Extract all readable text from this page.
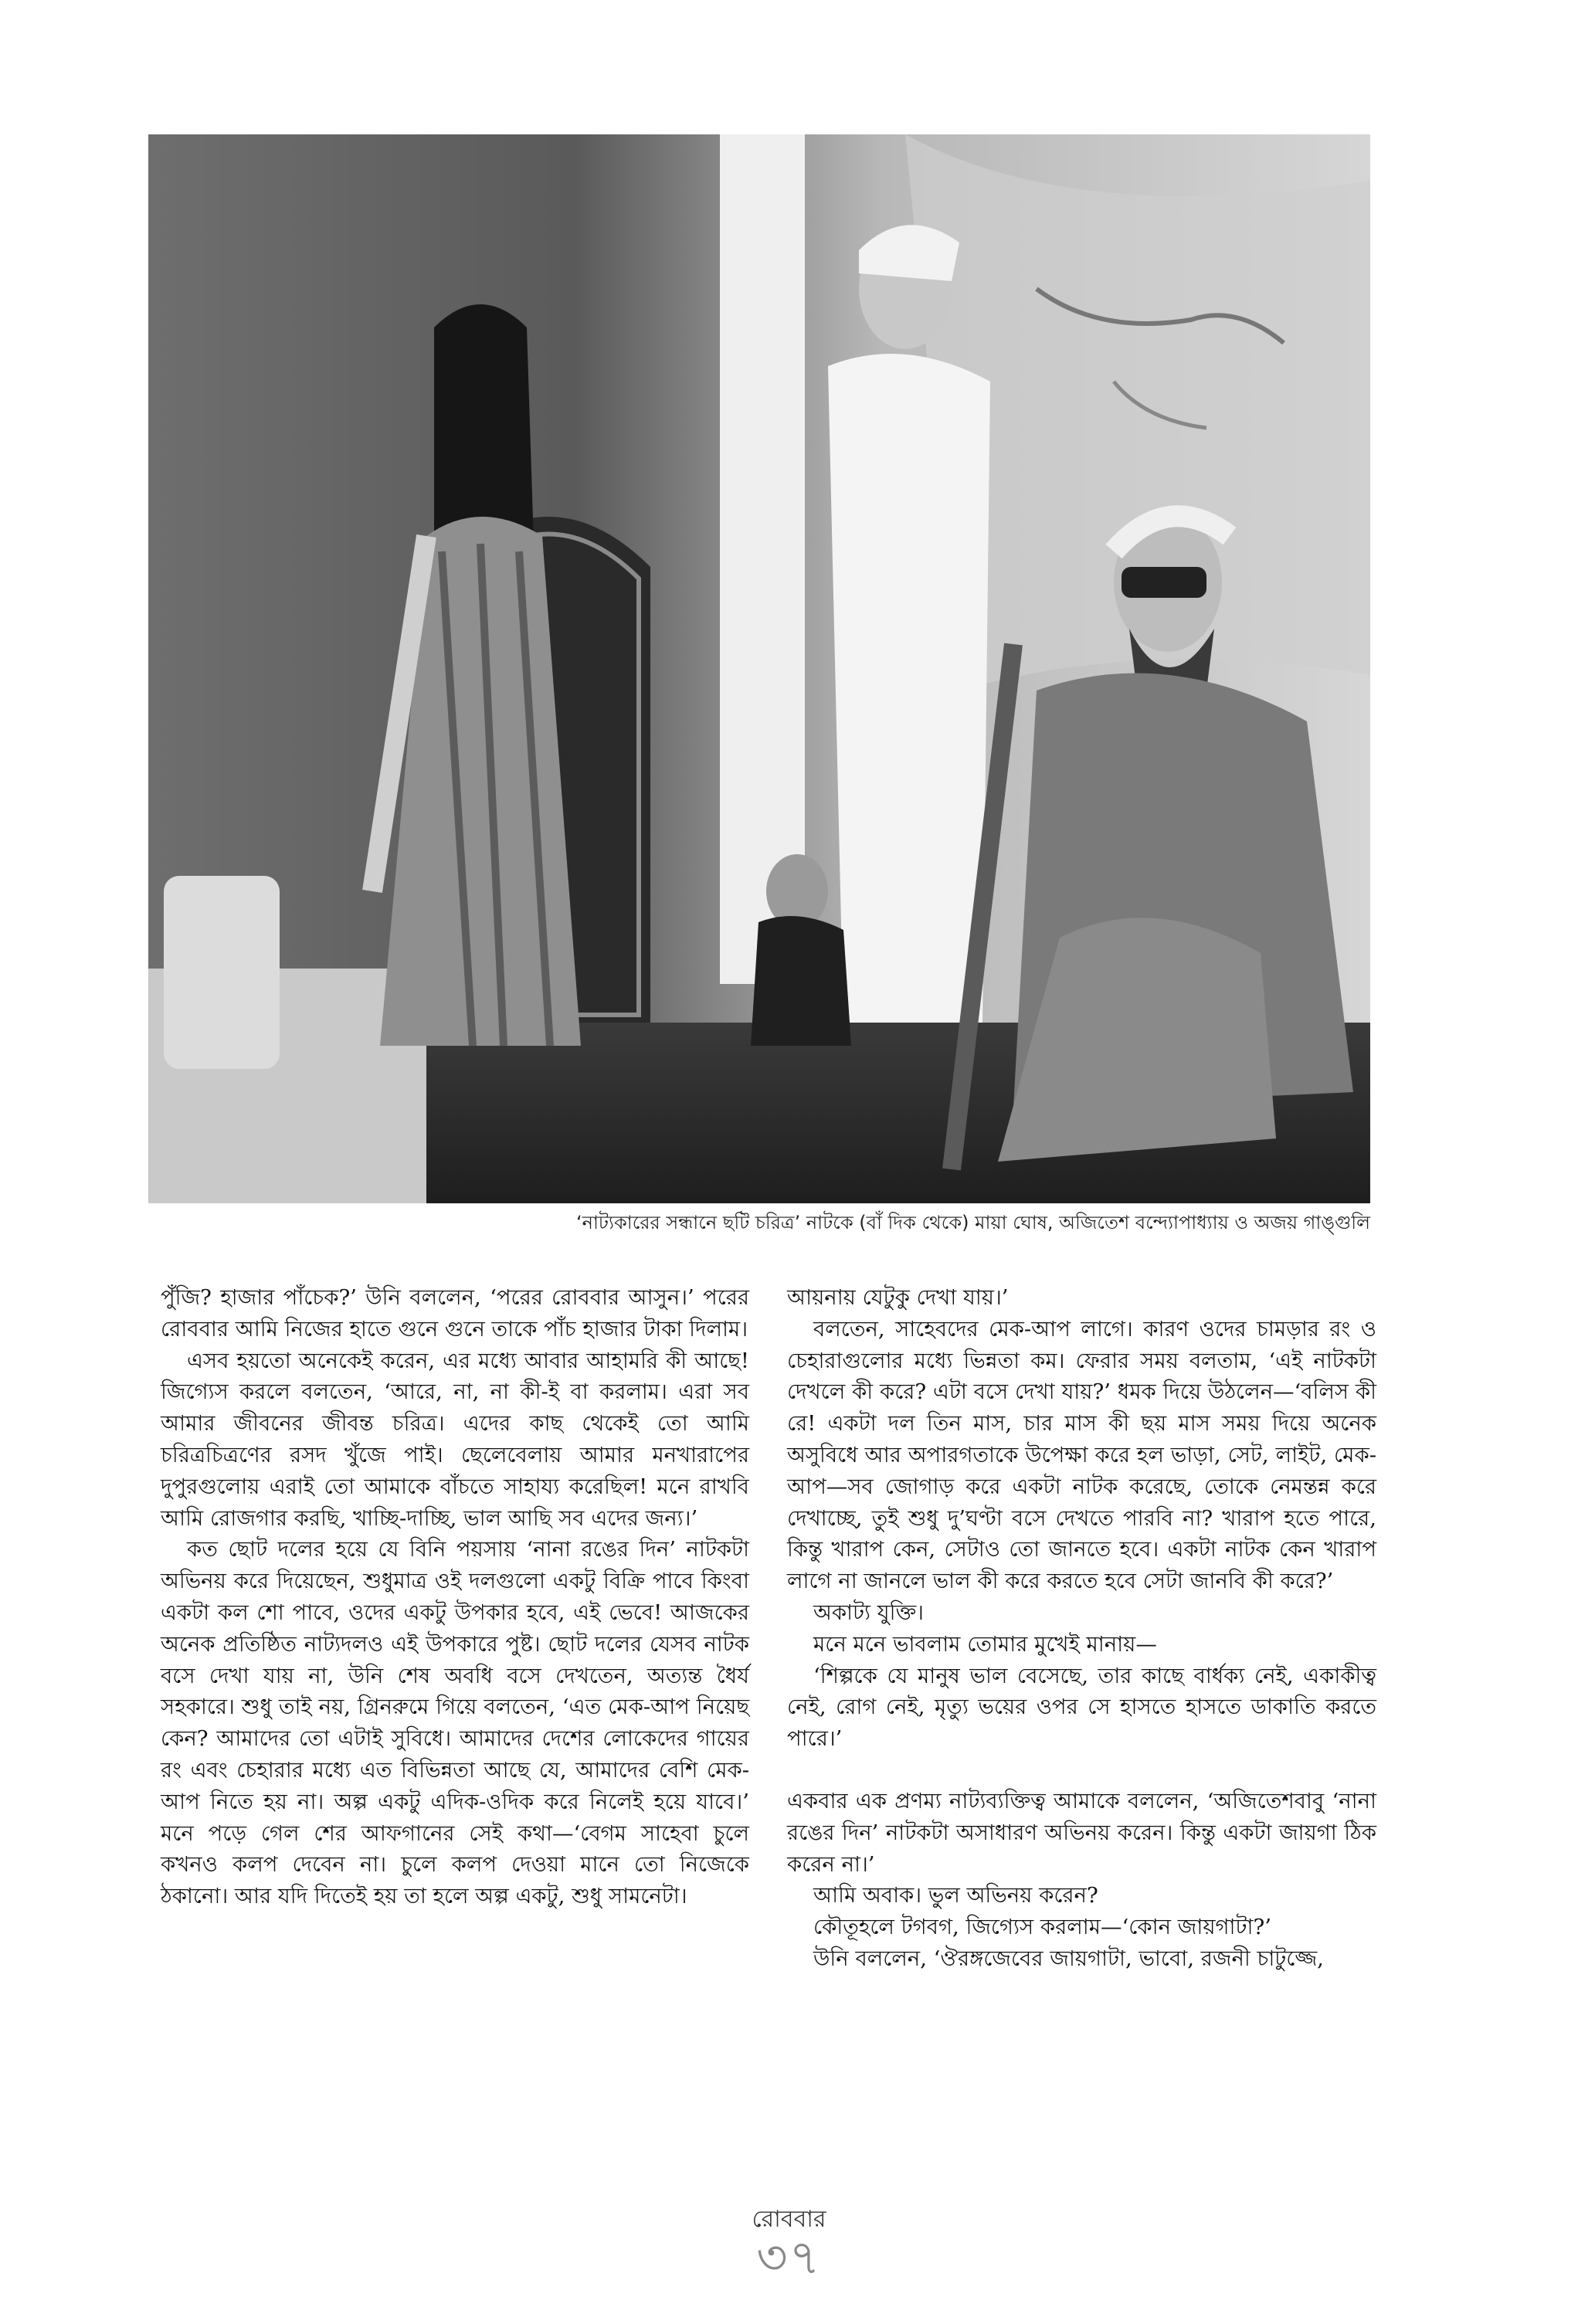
‘নাট্যকারের সন্ধানে ছটি চরিত্র’ নাটকে (বাঁ দিক থেকে) মায়া ঘোষ, অজিতেশ বন্দ্যোপাধ্যায় ও অজয় গাঙ্গুলি

পুঁজি? হাজার পাঁচেক?’ উনি বললেন, ‘পরের রোববার আসুন।’ পরের রোববার আমি নিজের হাতে গুনে গুনে তাকে পাঁচ হাজার টাকা দিলাম।

এসব হয়তো অনেকেই করেন, এর মধ্যে আবার আহামরি কী আছে! জিগ্যেস করলে বলতেন, ‘আরে, না, না কী-ই বা করলাম। এরা সব আমার জীবনের জীবন্ত চরিত্র। এদের কাছ থেকেই তো আমি চরিত্রচিত্রণের রসদ খুঁজে পাই। ছেলেবেলায় আমার মনখারাপের দুপুরগুলোয় এরাই তো আমাকে বাঁচতে সাহায্য করেছিল! মনে রাখবি আমি রোজগার করছি, খাচ্ছি-দাচ্ছি, ভাল আছি সব এদের জন্য।’

কত ছোট দলের হয়ে যে বিনি পয়সায় ‘নানা রঙের দিন’ নাটকটা অভিনয় করে দিয়েছেন, শুধুমাত্র ওই দলগুলো একটু বিক্রি পাবে কিংবা একটা কল শো পাবে, ওদের একটু উপকার হবে, এই ভেবে! আজকের অনেক প্রতিষ্ঠিত নাট্যদলও এই উপকারে পুষ্ট। ছোট দলের যেসব নাটক বসে দেখা যায় না, উনি শেষ অবধি বসে দেখতেন, অত্যন্ত ধৈর্য সহকারে। শুধু তাই নয়, গ্রিনরুমে গিয়ে বলতেন, ‘এত মেক-আপ নিয়েছ কেন? আমাদের তো এটাই সুবিধে। আমাদের দেশের লোকেদের গায়ের রং এবং চেহারার মধ্যে এত বিভিন্নতা আছে যে, আমাদের বেশি মেক-আপ নিতে হয় না। অল্প একটু এদিক-ওদিক করে নিলেই হয়ে যাবে।’ মনে পড়ে গেল শের আফগানের সেই কথা—‘বেগম সাহেবা চুলে কখনও কলপ দেবেন না। চুলে কলপ দেওয়া মানে তো নিজেকে ঠকানো। আর যদি দিতেই হয় তা হলে অল্প একটু, শুধু সামনেটা।

আয়নায় যেটুকু দেখা যায়।’

বলতেন, সাহেবদের মেক-আপ লাগে। কারণ ওদের চামড়ার রং ও চেহারাগুলোর মধ্যে ভিন্নতা কম। ফেরার সময় বলতাম, ‘এই নাটকটা দেখলে কী করে? এটা বসে দেখা যায়?’ ধমক দিয়ে উঠলেন—‘বলিস কী রে! একটা দল তিন মাস, চার মাস কী ছয় মাস সময় দিয়ে অনেক অসুবিধে আর অপারগতাকে উপেক্ষা করে হল ভাড়া, সেট, লাইট, মেক-আপ—সব জোগাড় করে একটা নাটক করেছে, তোকে নেমন্তন্ন করে দেখাচ্ছে, তুই শুধু দু’ঘণ্টা বসে দেখতে পারবি না? খারাপ হতে পারে, কিন্তু খারাপ কেন, সেটাও তো জানতে হবে। একটা নাটক কেন খারাপ লাগে না জানলে ভাল কী করে করতে হবে সেটা জানবি কী করে?’

অকাট্য যুক্তি।

মনে মনে ভাবলাম তোমার মুখেই মানায়—

‘শিল্পকে যে মানুষ ভাল বেসেছে, তার কাছে বার্ধক্য নেই, একাকীত্ব নেই, রোগ নেই, মৃত্যু ভয়ের ওপর সে হাসতে হাসতে ডাকাতি করতে পারে।’

একবার এক প্রণম্য নাট্যব্যক্তিত্ব আমাকে বললেন, ‘অজিতেশবাবু ‘নানা রঙের দিন’ নাটকটা অসাধারণ অভিনয় করেন। কিন্তু একটা জায়গা ঠিক করেন না।’

আমি অবাক। ভুল অভিনয় করেন?

কৌতূহলে টগবগ, জিগ্যেস করলাম—‘কোন জায়গাটা?’

উনি বললেন, ‘ঔরঙ্গজেবের জায়গাটা, ভাবো, রজনী চাটুজ্জে,

রোববার
৩৭
